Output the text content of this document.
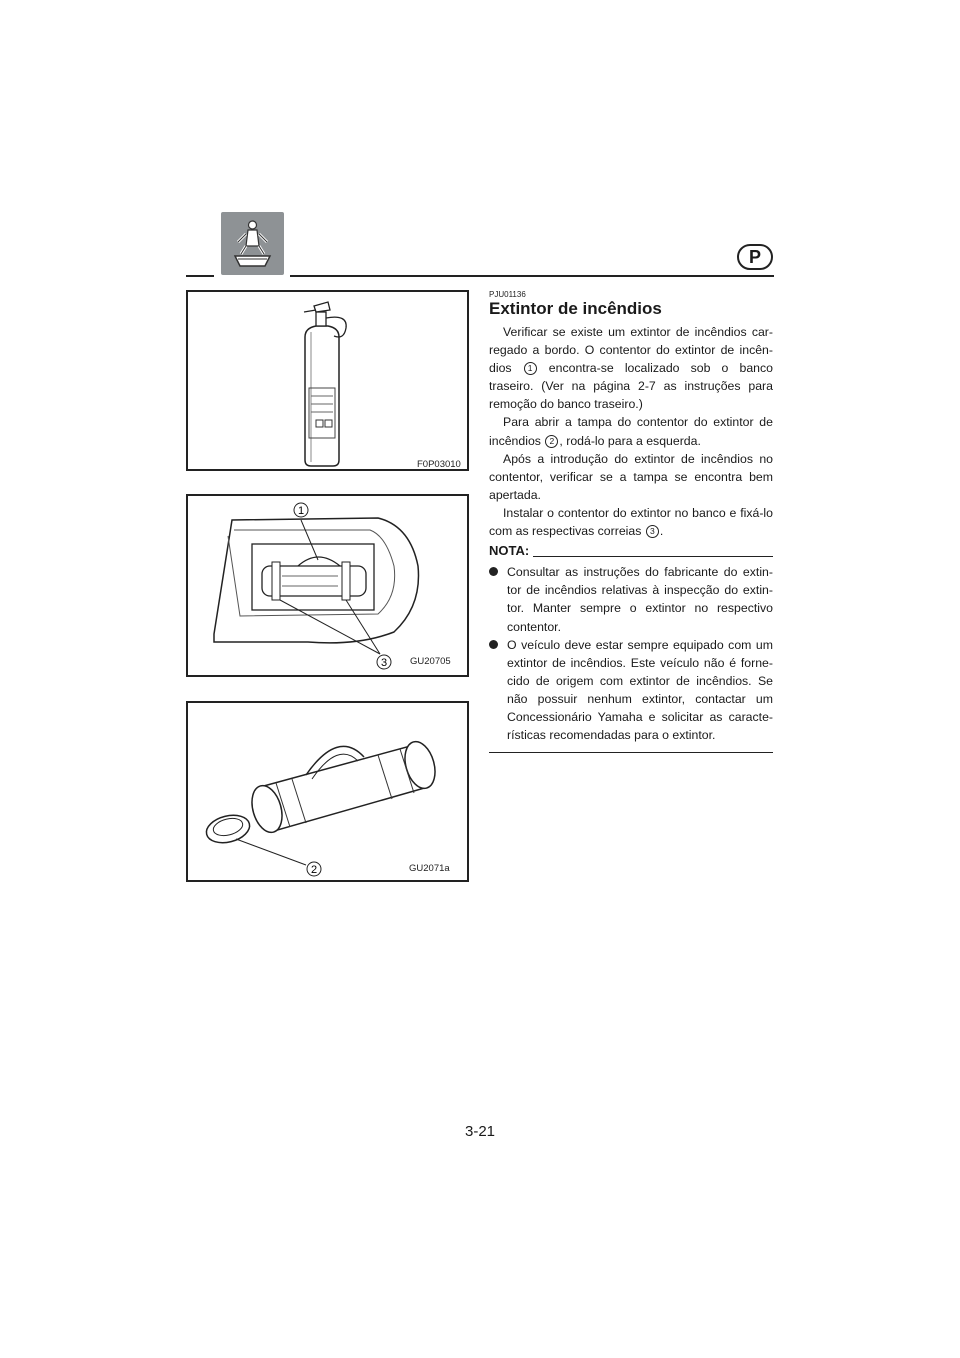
P
F0P03010
1
3 GU20705
2	GU2071a
PJU01136
Extintor de incêndios

Verificar se existe um extintor de incêndios car-regado a bordo. O contentor do extintor de incên-dios 1 encontra-se localizado sob o banco traseiro. (Ver na página 2-7 as instruções para remoção do banco traseiro.)

Para abrir a tampa do contentor do extintor de incêndios 2 , rodá-lo para a esquerda.

Após a introdução do extintor de incêndios no contentor, verificar se a tampa se encontra bem apertada.

Instalar o contentor do extintor no banco e fixá-lo com as respectivas correias 3 .

NOTA:
Consultar as instruções do fabricante do extin-tor de incêndios relativas à inspecção do extin-tor. Manter sempre o extintor no respectivo contentor.
O veículo deve estar sempre equipado com um extintor de incêndios. Este veículo não é forne-cido de origem com extintor de incêndios. Se não possuir nenhum extintor, contactar um Concessionário Yamaha e solicitar as caracte-rísticas recomendadas para o extintor.
3-21
